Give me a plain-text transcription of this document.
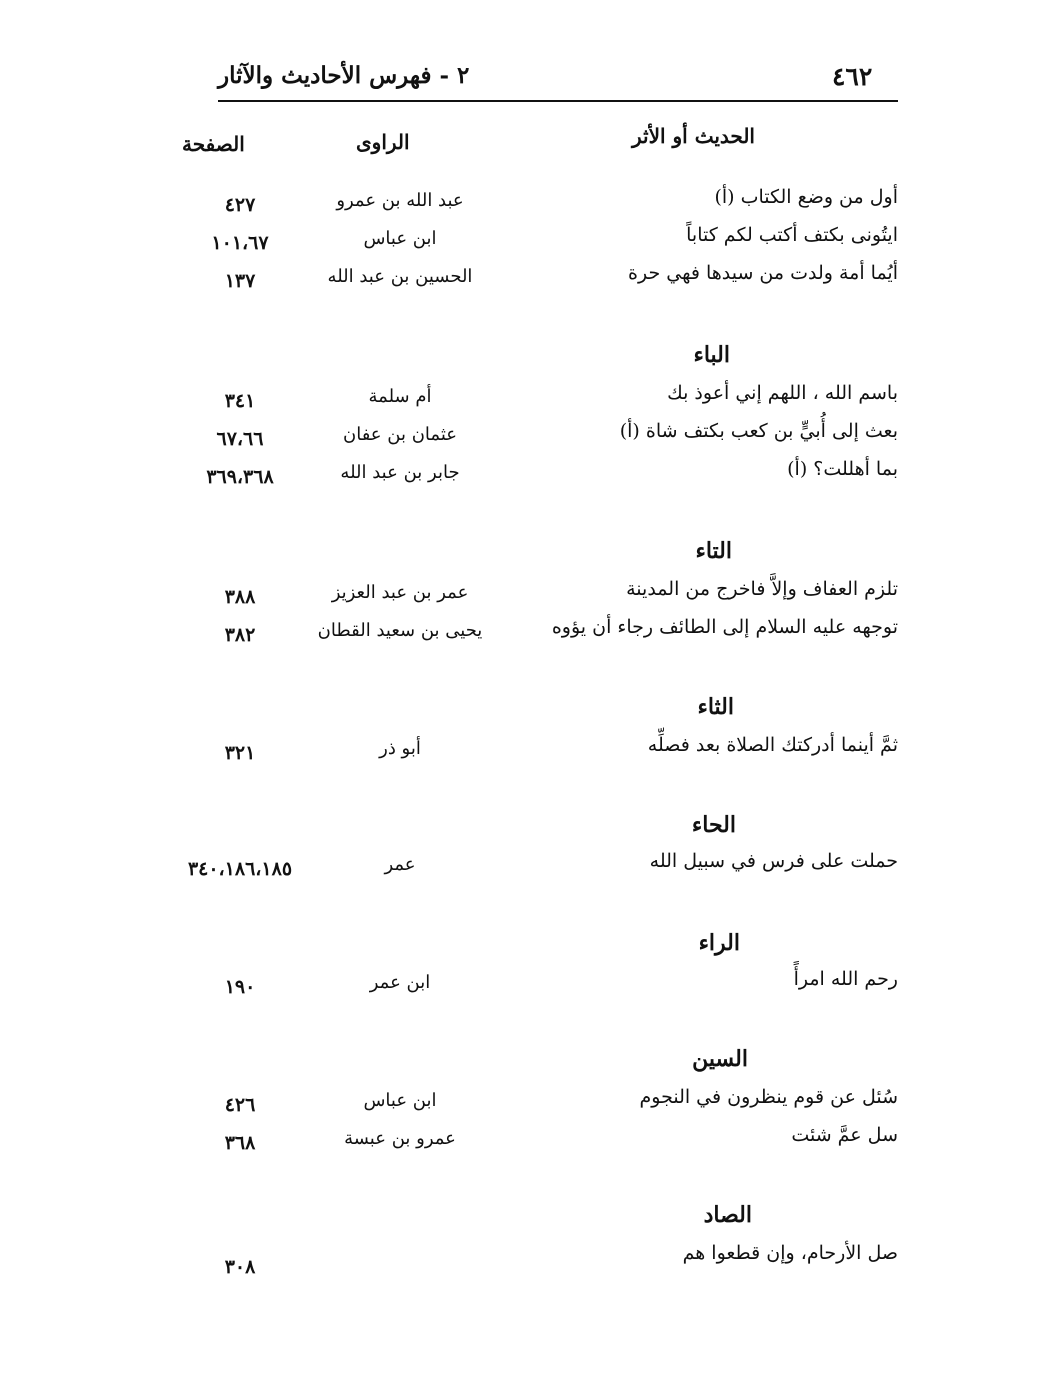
٢ - فهرس الأحاديث والآثار	٤٦٢
الحديث أو الأثر
الراوى
الصفحة
أول من وضع الكتاب (أ)
عبد الله بن عمرو
٤٢٧
ايتُونى بكتف أكتب لكم كتاباً
ابن عباس
١٠١،٦٧
أيُما أمة ولدت من سيدها فهي حرة
الحسين بن عبد الله
١٣٧
الباء
باسم الله ، اللهم إني أعوذ بك
أم سلمة
٣٤١
بعث إلى أُبيٍّ بن كعب بكتف شاة (أ)
عثمان بن عفان
٦٧،٦٦
بما أهللت؟ (أ)
جابر بن عبد الله
٣٦٩،٣٦٨
التاء
تلزم العفاف وإلاَّ فاخرج من المدينة
عمر بن عبد العزيز
٣٨٨
توجهه عليه السلام إلى الطائف رجاء أن يؤوه
يحيى بن سعيد القطان
٣٨٢
الثاء
ثمَّ أينما أدركتك الصلاة بعد فصلِّه
أبو ذر
٣٢١
الحاء
حملت على فرس في سبيل الله
عمر
٣٤٠،١٨٦،١٨٥
الراء
رحم الله امرأً
ابن عمر
١٩٠
السين
سُئل عن قوم ينظرون في النجوم
ابن عباس
٤٢٦
سل عمَّ شئت
عمرو بن عبسة
٣٦٨
الصاد
صل الأرحام، وإن قطعوا هم
٣٠٨
